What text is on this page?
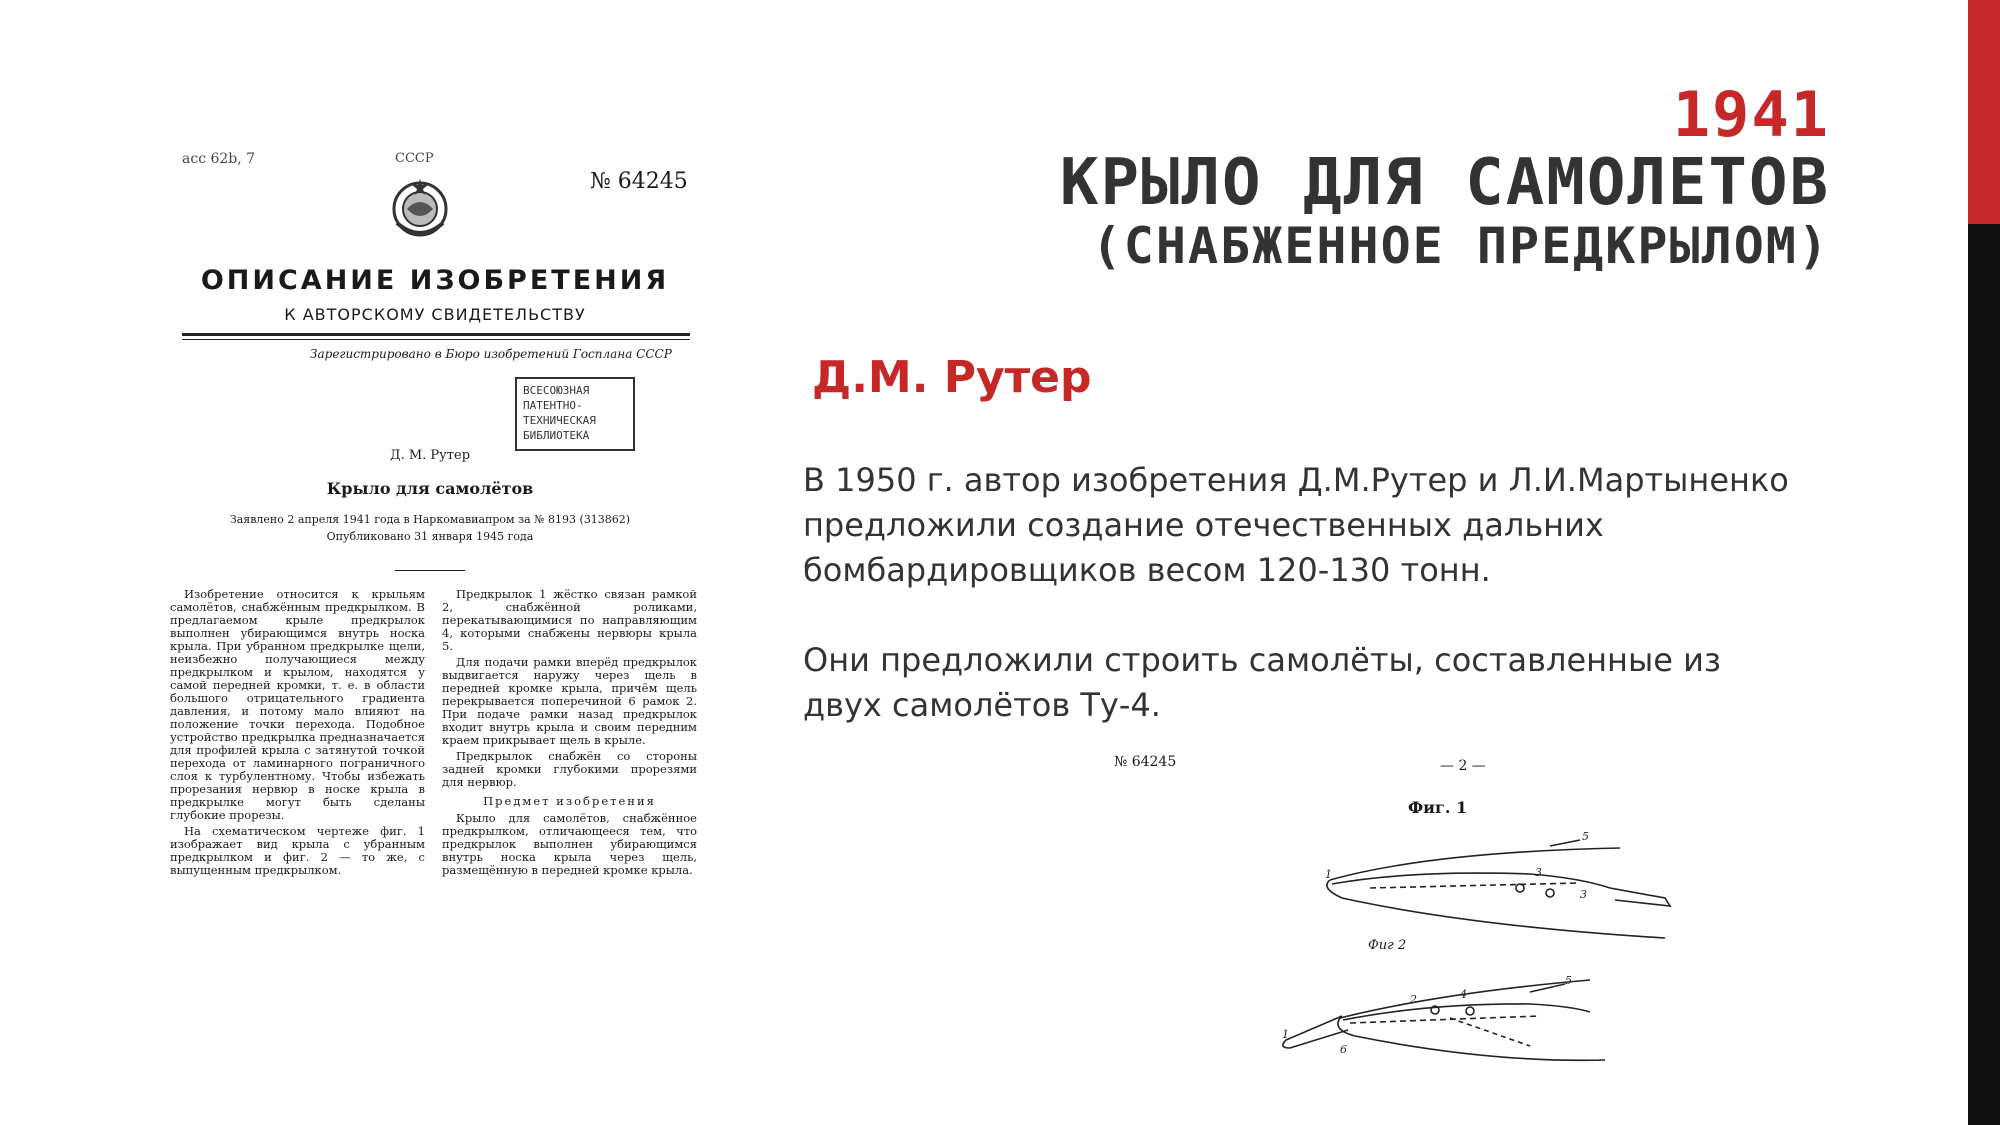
асс 62b, 7	СССР
№ 64245
ОПИСАНИЕ ИЗОБРЕТЕНИЯ
К АВТОРСКОМУ СВИДЕТЕЛЬСТВУ
Зарегистрировано в Бюро изобретений Госплана СССР
ВСЕСОЮЗНАЯ
ПАТЕНТНО-
ТЕХНИЧЕСКАЯ
БИБЛИОТЕКА
Д. М. Рутер
Крыло для самолётов
Заявлено 2 апреля 1941 года в Наркомавиапром за № 8193 (313862)
Опубликовано 31 января 1945 года

Изобретение относится к крыльям самолётов, снабжённым предкрылком. В предлагаемом крыле предкрылок выполнен убирающимся внутрь носка крыла. При убранном предкрылке щели, неизбежно получающиеся между предкрылком и крылом, находятся у самой передней кромки, т. е. в области большого отрицательного градиента давления, и потому мало влияют на положение точки перехода. Подобное устройство предкрылка предназначается для профилей крыла с затянутой точкой перехода от ламинарного пограничного слоя к турбулентному. Чтобы избежать прорезания нервюр в носке крыла в предкрылке могут быть сделаны глубокие прорезы.

На схематическом чертеже фиг. 1 изображает вид крыла с убранным предкрылком и фиг. 2 — то же, с выпущенным предкрылком.

Предкрылок 1 жёстко связан рамкой 2, снабжённой роликами, перекатывающимися по направляющим 4, которыми снабжены нервюры крыла 5.

Для подачи рамки вперёд предкрылок выдвигается наружу через щель в передней кромке крыла, причём щель перекрывается поперечиной 6 рамок 2. При подаче рамки назад предкрылок входит внутрь крыла и своим передним краем прикрывает щель в крыле.

Предкрылок снабжён со стороны задней кромки глубокими прорезями для нервюр.

Предмет изобретения

Крыло для самолётов, снабжённое предкрылком, отличающееся тем, что предкрылок выполнен убирающимся внутрь носка крыла через щель, размещённую в передней кромке крыла.

1941
КРЫЛО ДЛЯ САМОЛЕТОВ
(СНАБЖЕННОЕ ПРЕДКРЫЛОМ)
Д.М. Рутер

В 1950 г. автор изобретения Д.М.Рутер и Л.И.Мартыненко предложили создание отечественных дальних бомбардировщиков весом 120-130 тонн.

Они предложили строить самолёты, составленные из двух самолётов Ту-4.

№ 64245	— 2 —
Фиг. 1
Фиг 2
1
5
3
3
2	4
5
1
6
